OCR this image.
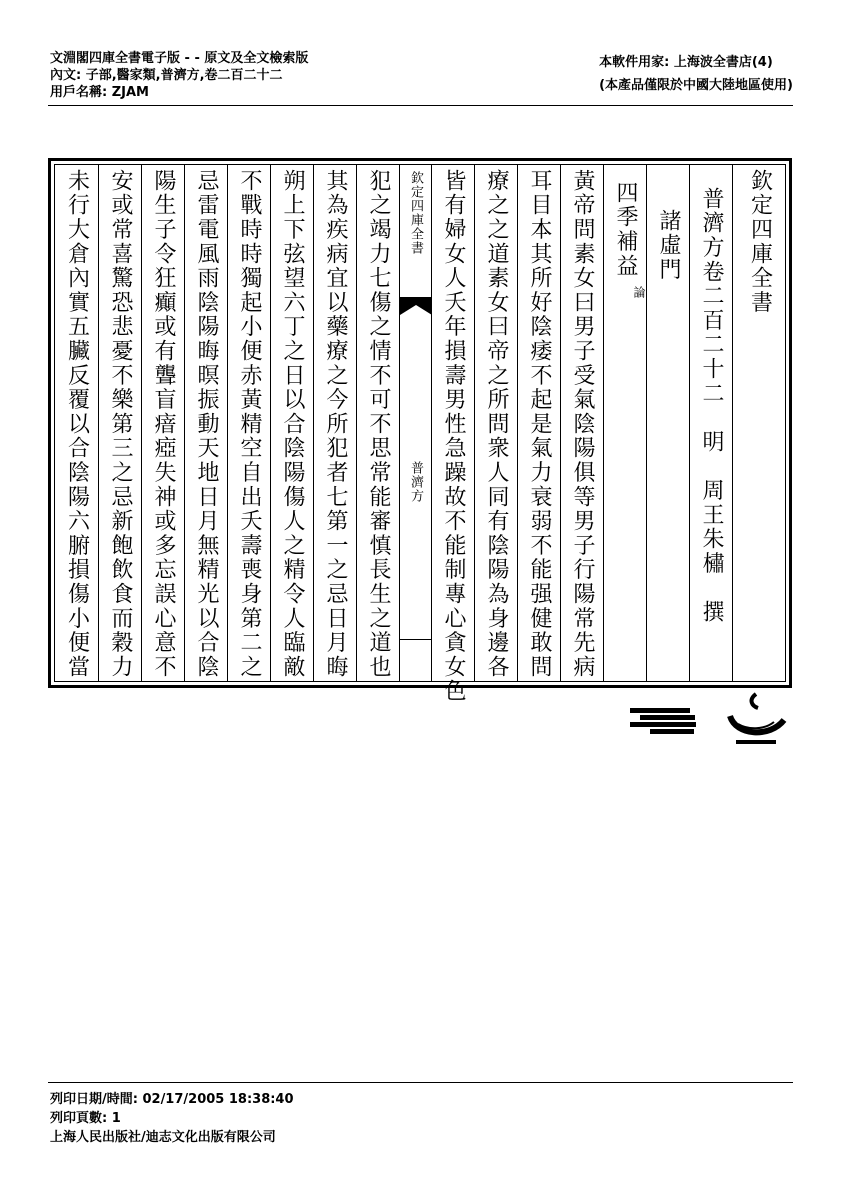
文淵閣四庫全書電子版 - - 原文及全文檢索版
內文: 子部,醫家類,普濟方,卷二百二十二
用戶名稱: ZJAM
本軟件用家: 上海波全書店(4)
(本產品僅限於中國大陸地區使用)
未行大倉內實五臟反覆以合陰陽六腑損傷小便當 安或常喜驚恐悲憂不樂第三之忌新飽飲食而穀力 陽生子令狂癲或有聾盲瘖瘂失神或多忘誤心意不 忌雷電風雨陰陽晦暝振動天地日月無精光以合陰 不戰時時獨起小便赤黃精空自出夭壽喪身第二之 朔上下弦望六丁之日以合陰陽傷人之精令人臨敵 其為疾病宜以藥療之今所犯者七第一之忌日月晦 犯之竭力七傷之情不可不思常能審慎長生之道也 欽定四庫全書
普濟方 皆有婦女人夭年損壽男性急躁故不能制專心貪女色 療之之道素女曰帝之所問衆人同有陰陽為身邊各 耳目本其所好陰痿不起是氣力衰弱不能强健敢問 黃帝問素女曰男子受氣陰陽俱等男子行陽常先病 四季補益
論
諸虛門 普濟方卷二百二十二　明　周王朱橚　撰 欽定四庫全書
列印日期/時間: 02/17/2005 18:38:40
列印頁數: 1
上海人民出版社/迪志文化出版有限公司
